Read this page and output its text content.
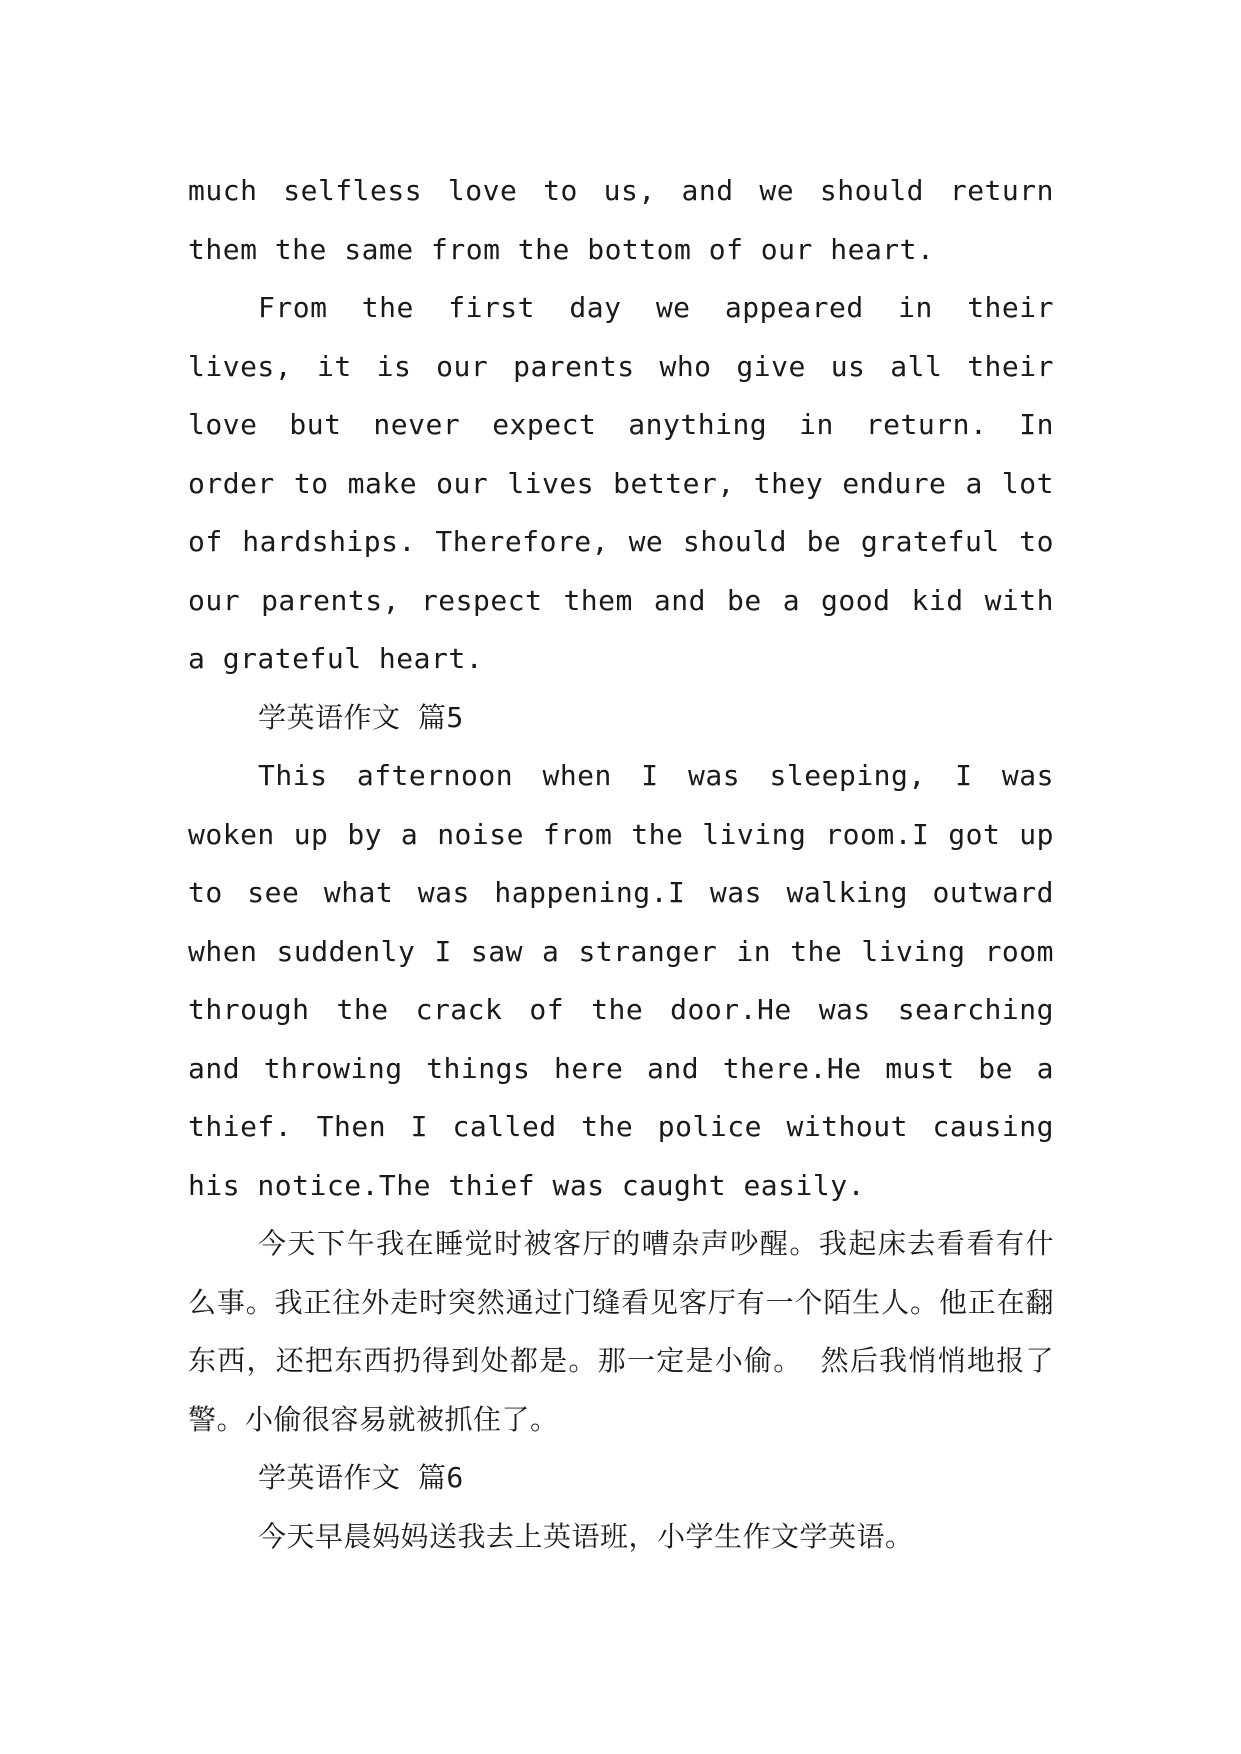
much selfless love to us, and we should return them the same from the bottom of our heart.

From the first day we appeared in their lives, it is our parents who give us all their love but never expect anything in return. In order to make our lives better, they endure a lot of hardships. Therefore, we should be grateful to our parents, respect them and be a good kid with a grateful heart.

学英语作文 篇5

This afternoon when I was sleeping, I was woken up by a noise from the living room.I got up to see what was happening.I was walking outward when suddenly I saw a stranger in the living room through the crack of the door.He was searching and throwing things here and there.He must be a thief. Then I called the police without causing his notice.The thief was caught easily.

今天下午我在睡觉时被客厅的嘈杂声吵醒。我起床去看看有什么事。我正往外走时突然通过门缝看见客厅有一个陌生人。他正在翻东西，还把东西扔得到处都是。那一定是小偷。 然后我悄悄地报了警。小偷很容易就被抓住了。

学英语作文 篇6

今天早晨妈妈送我去上英语班，小学生作文学英语。
